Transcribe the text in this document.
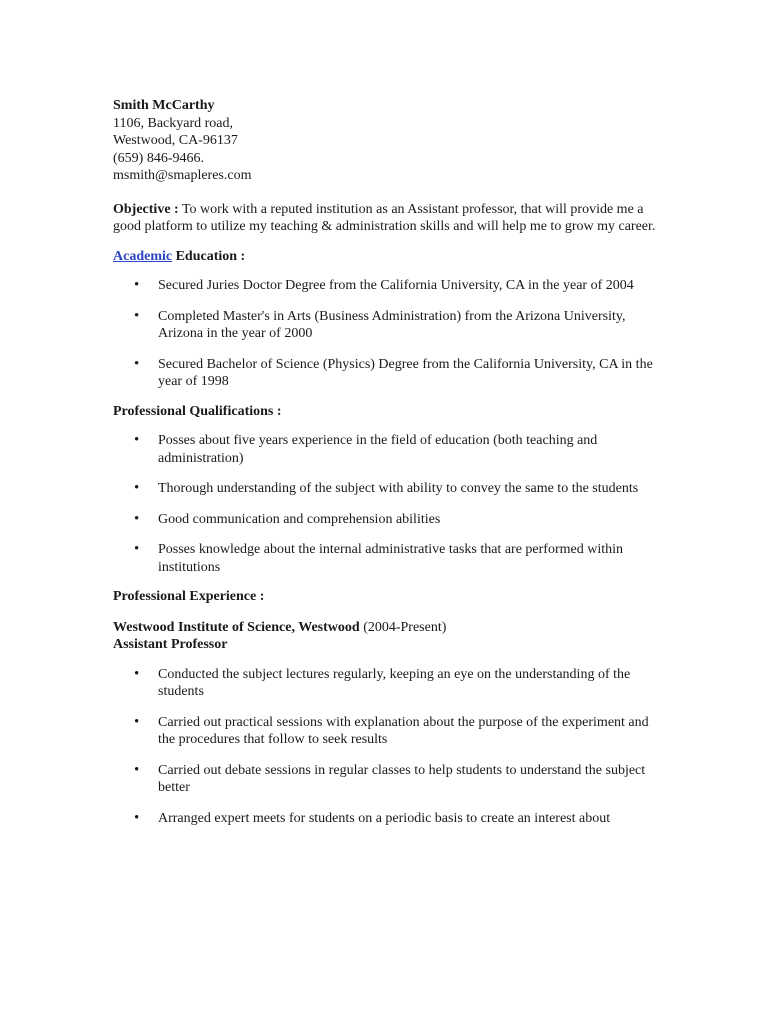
Smith McCarthy
1106, Backyard road,
Westwood, CA-96137
(659) 846-9466.
msmith@smapleres.com

Objective : To work with a reputed institution as an Assistant professor, that will provide me a good platform to utilize my teaching & administration skills and will help me to grow my career.

Academic Education :

• Secured Juries Doctor Degree from the California University, CA in the year of 2004
• Completed Master's in Arts (Business Administration) from the Arizona University, Arizona in the year of 2000
• Secured Bachelor of Science (Physics) Degree from the California University, CA in the year of 1998

Professional Qualifications :

• Posses about five years experience in the field of education (both teaching and administration)
• Thorough understanding of the subject with ability to convey the same to the students
• Good communication and comprehension abilities
• Posses knowledge about the internal administrative tasks that are performed within institutions

Professional Experience :

Westwood Institute of Science, Westwood (2004-Present)
Assistant Professor

• Conducted the subject lectures regularly, keeping an eye on the understanding of the students
• Carried out practical sessions with explanation about the purpose of the experiment and the procedures that follow to seek results
• Carried out debate sessions in regular classes to help students to understand the subject better
• Arranged expert meets for students on a periodic basis to create an interest about
